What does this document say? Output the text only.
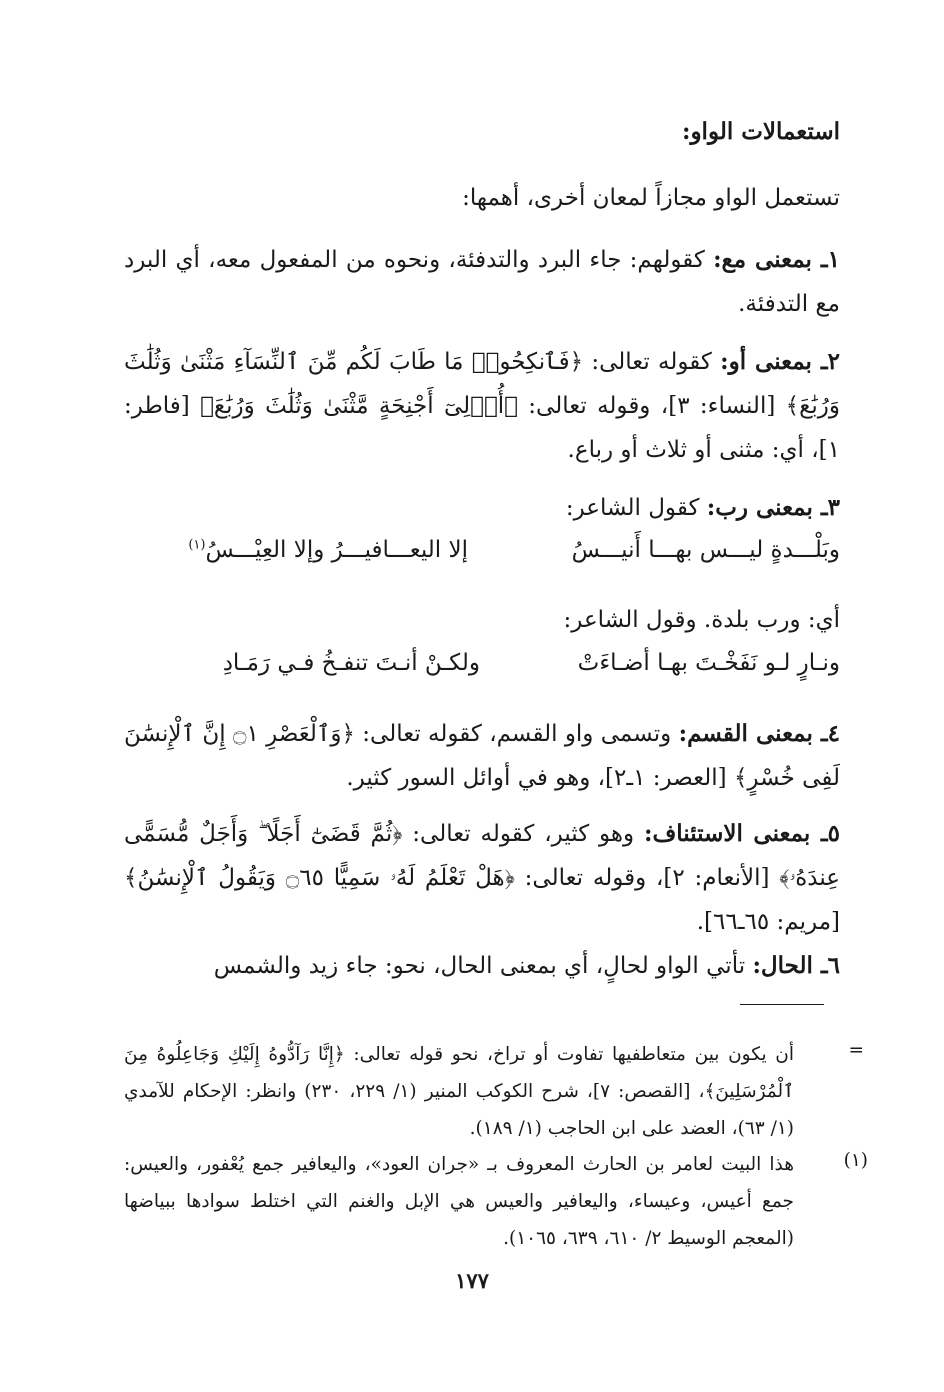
استعمالات الواو:
تستعمل الواو مجازاً لمعان أخرى، أهمها:
١ـ بمعنى مع: كقولهم: جاء البرد والتدفئة، ونحوه من المفعول معه، أي البرد مع التدفئة.
٢ـ بمعنى أو: كقوله تعالى: ﴿فَٱنكِحُوا۟ مَا طَابَ لَكُم مِّنَ ٱلنِّسَآءِ مَثْنَىٰ وَثُلَٰثَ وَرُبَٰعَ﴾ [النساء: ٣]، وقوله تعالى: ﴿أُو۟لِىٓ أَجْنِحَةٍ مَّثْنَىٰ وَثُلَٰثَ وَرُبَٰعَ﴾ [فاطر: ١]، أي: مثنى أو ثلاث أو رباع.
٣ـ بمعنى رب: كقول الشاعر:
وبَلْـــدةٍ ليـــس بهـــا أَنيـــسُ
إلا اليعـــافيـــرُ وإلا العِيْـــسُ$^{(١)}$
أي: ورب بلدة. وقول الشاعر:
ونـارٍ لـو نَفَخْـتَ بهـا أضـاءَتْ
ولكـنْ أنـتَ تنفـخُ فـي رَمَـادِ
٤ـ بمعنى القسم: وتسمى واو القسم، كقوله تعالى: ﴿وَٱلْعَصْرِ ۝١ إِنَّ ٱلْإِنسَٰنَ لَفِى خُسْرٍ﴾ [العصر: ١ـ٢]، وهو في أوائل السور كثير.
٥ـ بمعنى الاستئناف: وهو كثير، كقوله تعالى: ﴿ثُمَّ قَضَىٰٓ أَجَلًا ۖ وَأَجَلٌ مُّسَمًّى عِندَهُۥ﴾ [الأنعام: ٢]، وقوله تعالى: ﴿هَلْ تَعْلَمُ لَهُۥ سَمِيًّا ۝٦٥ وَيَقُولُ ٱلْإِنسَٰنُ﴾ [مريم: ٦٥ـ٦٦].
٦ـ الحال: تأتي الواو لحالٍ، أي بمعنى الحال، نحو: جاء زيد والشمس
=
أن يكون بين متعاطفيها تفاوت أو تراخ، نحو قوله تعالى: ﴿إِنَّا رَآدُّوهُ إِلَيْكِ وَجَاعِلُوهُ مِنَ ٱلْمُرْسَلِينَ﴾، [القصص: ٧]، شرح الكوكب المنير (١/ ٢٢٩، ٢٣٠) وانظر: الإحكام للآمدي (١/ ٦٣)، العضد على ابن الحاجب (١/ ١٨٩).
(١)
هذا البيت لعامر بن الحارث المعروف بـ «جران العود»، واليعافير جمع يُعْفور، والعيس: جمع أعيس، وعيساء، واليعافير والعيس هي الإبل والغنم التي اختلط سوادها ببياضها (المعجم الوسيط ٢/ ٦١٠، ٦٣٩، ١٠٦٥).
١٧٧
